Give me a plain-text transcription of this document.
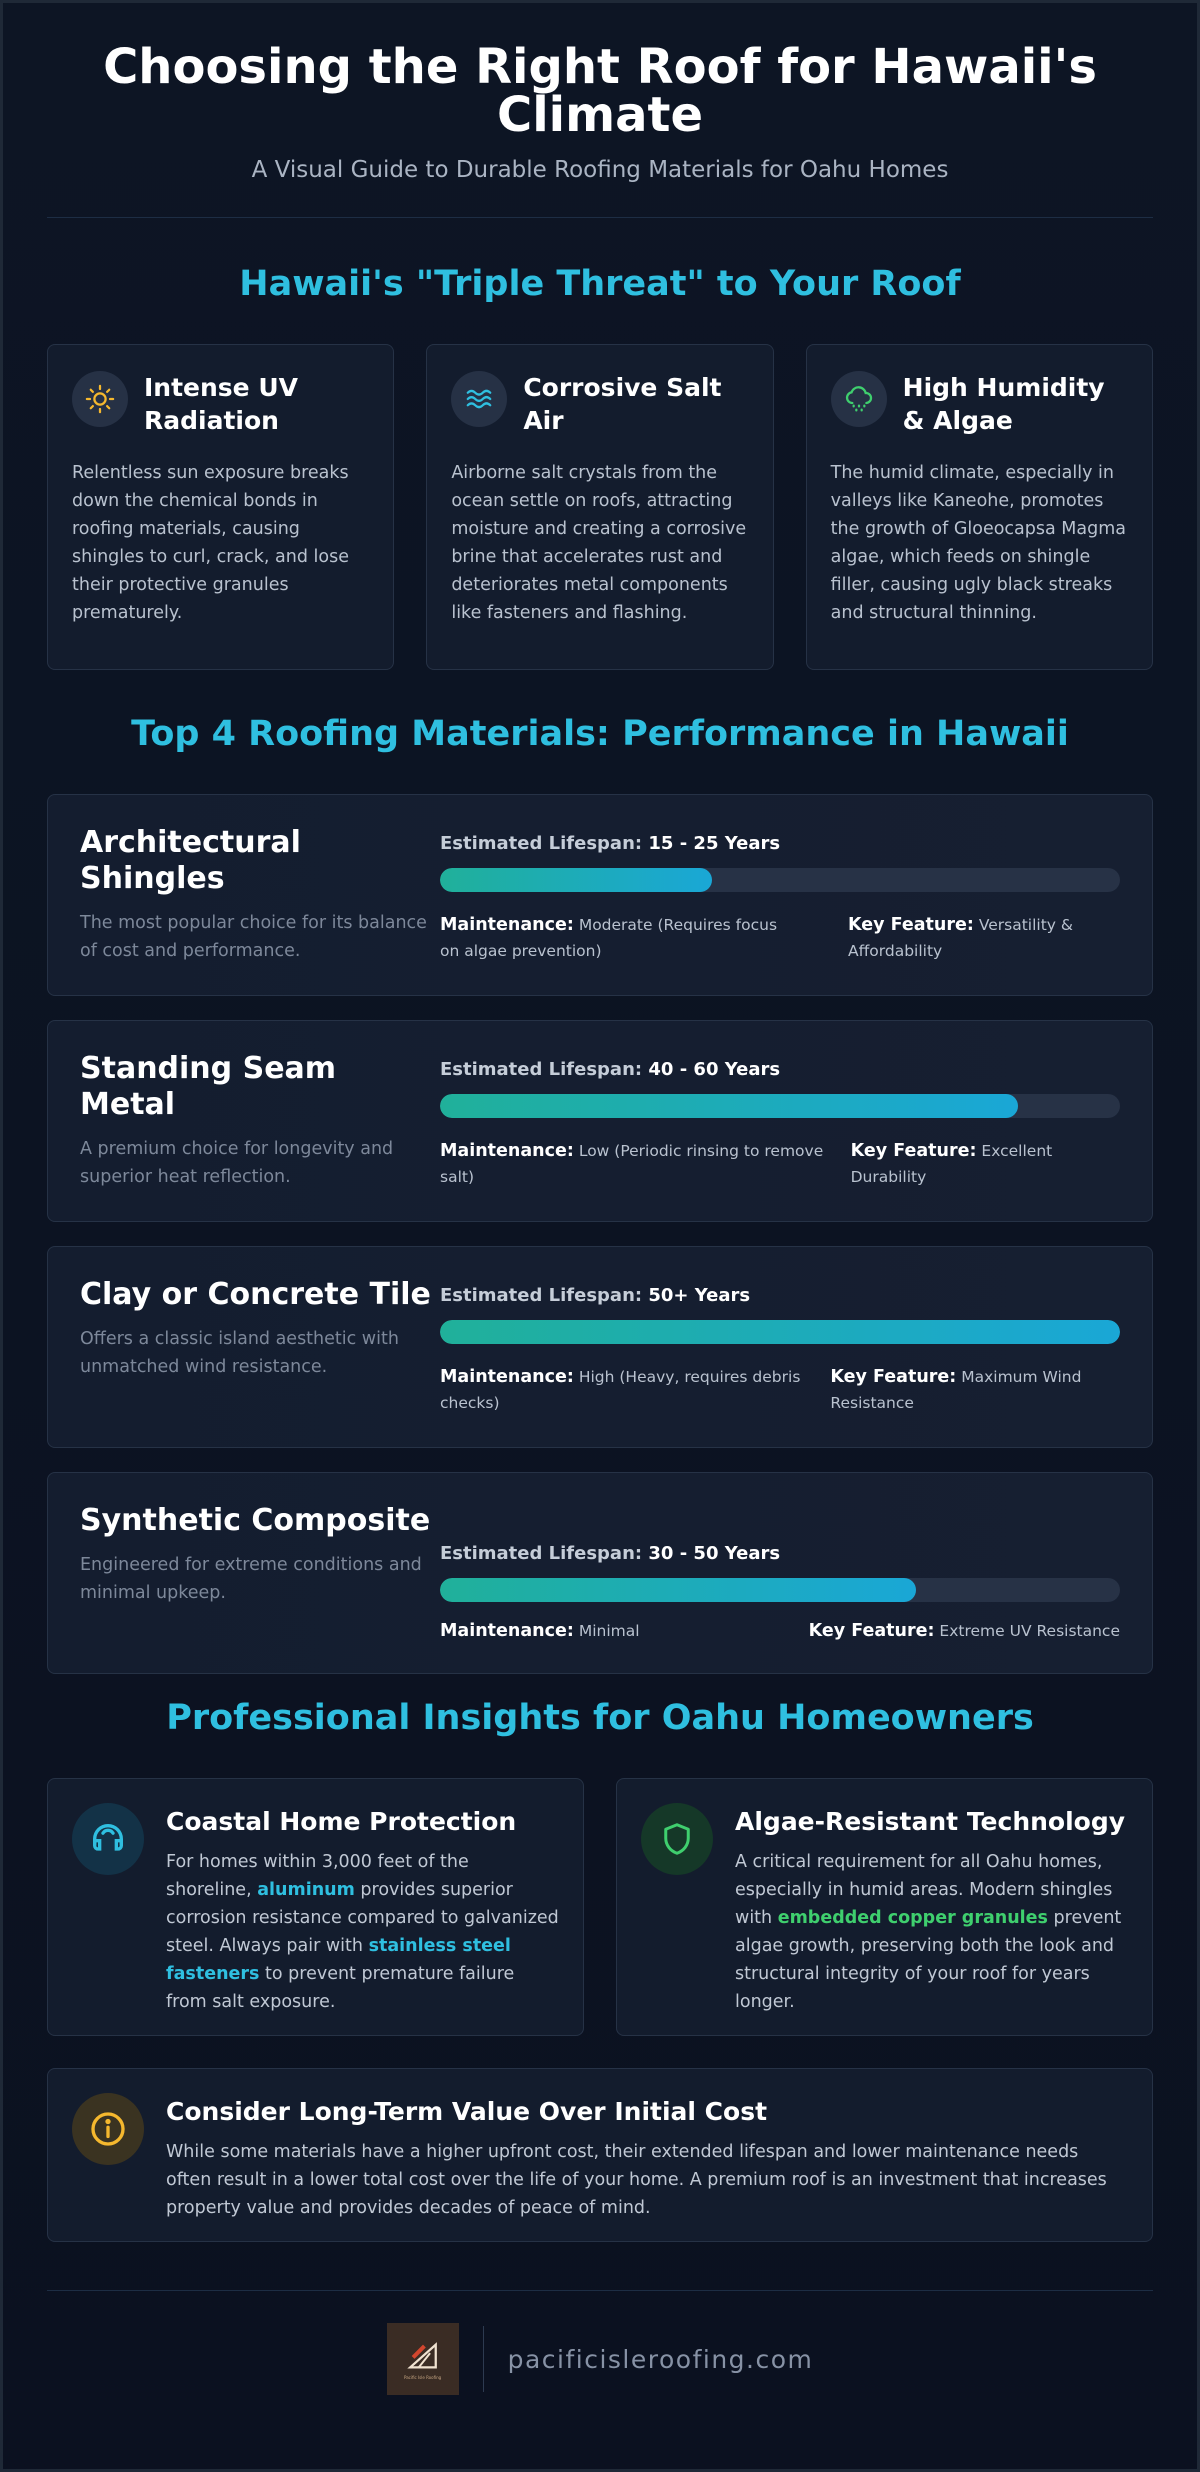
Choosing the Right Roof for Hawaii's Climate
A Visual Guide to Durable Roofing Materials for Oahu Homes
Hawaii's "Triple Threat" to Your Roof
Intense UV Radiation

Relentless sun exposure breaks down the chemical bonds in roofing materials, causing shingles to curl, crack, and lose their protective granules prematurely.

Corrosive Salt Air

Airborne salt crystals from the ocean settle on roofs, attracting moisture and creating a corrosive brine that accelerates rust and deteriorates metal components like fasteners and flashing.

High Humidity & Algae

The humid climate, especially in valleys like Kaneohe, promotes the growth of Gloeocapsa Magma algae, which feeds on shingle filler, causing ugly black streaks and structural thinning.

Top 4 Roofing Materials: Performance in Hawaii
Architectural Shingles
The most popular choice for its balance of cost and performance.
Estimated Lifespan: 15 - 25 Years
Maintenance: Moderate (Requires focus on algae prevention)
Key Feature: Versatility & Affordability
Standing Seam Metal
A premium choice for longevity and superior heat reflection.
Estimated Lifespan: 40 - 60 Years
Maintenance: Low (Periodic rinsing to remove salt)
Key Feature: Excellent Durability
Clay or Concrete Tile
Offers a classic island aesthetic with unmatched wind resistance.
Estimated Lifespan: 50+ Years
Maintenance: High (Heavy, requires debris checks)
Key Feature: Maximum Wind Resistance
Synthetic Composite
Engineered for extreme conditions and minimal upkeep.
Estimated Lifespan: 30 - 50 Years
Maintenance: Minimal	Key Feature: Extreme UV Resistance
Professional Insights for Oahu Homeowners
Coastal Home Protection

For homes within 3,000 feet of the shoreline, aluminum provides superior corrosion resistance compared to galvanized steel. Always pair with stainless steel fasteners to prevent premature failure from salt exposure.

Algae-Resistant Technology

A critical requirement for all Oahu homes, especially in humid areas. Modern shingles with embedded copper granules prevent algae growth, preserving both the look and structural integrity of your roof for years longer.

Consider Long-Term Value Over Initial Cost

While some materials have a higher upfront cost, their extended lifespan and lower maintenance needs often result in a lower total cost over the life of your home. A premium roof is an investment that increases property value and provides decades of peace of mind.

Pacific Isle Roofing
pacificisleroofing.com
